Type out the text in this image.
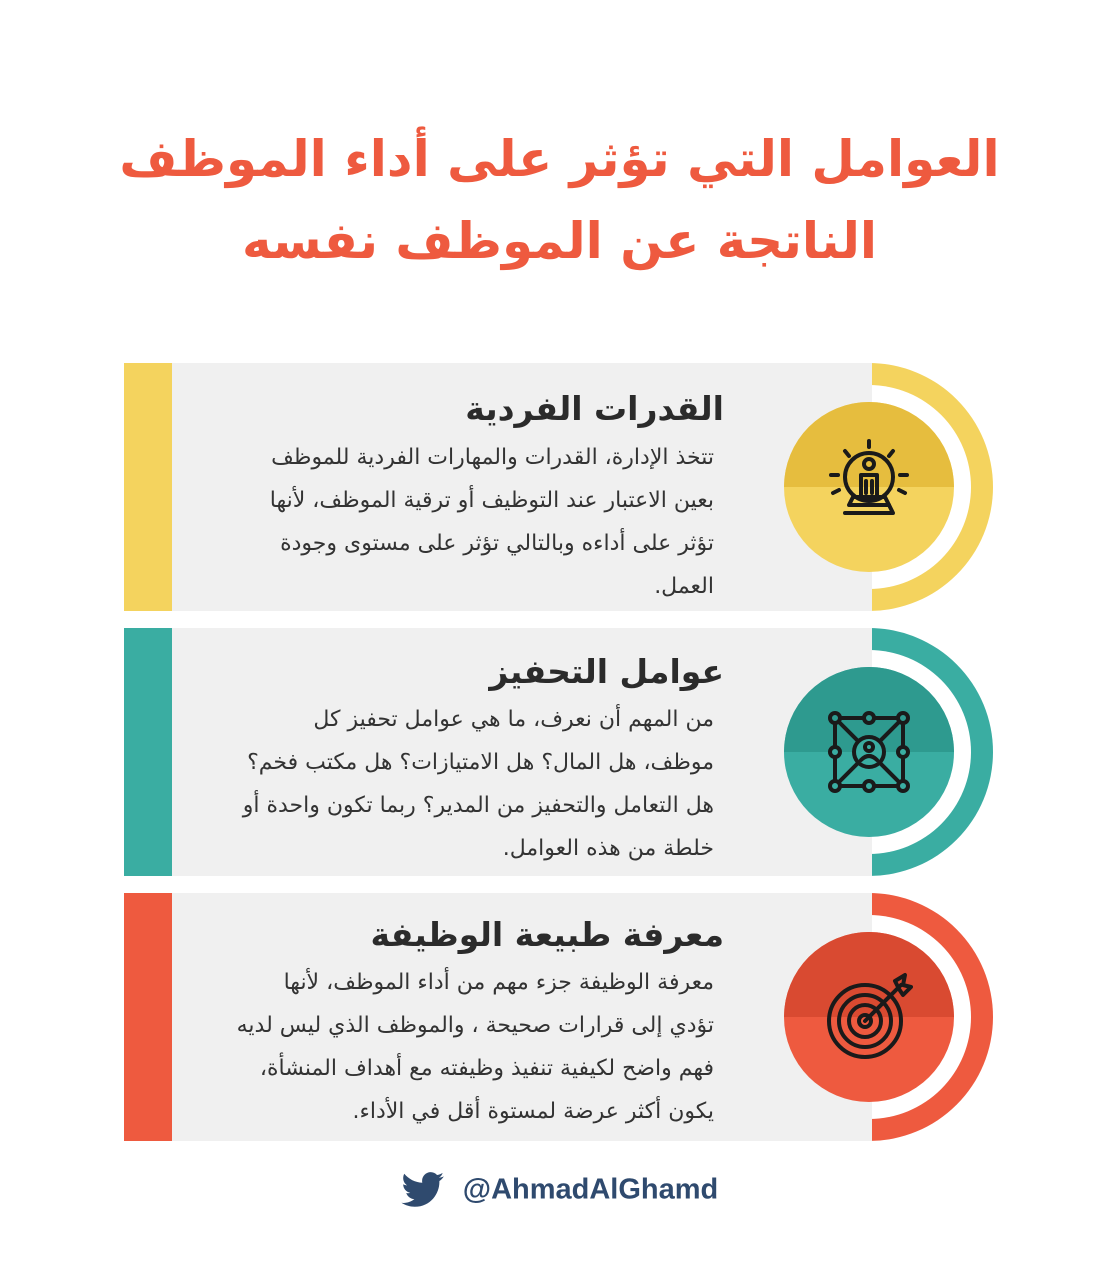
العوامل التي تؤثر على أداء الموظف
الناتجة عن الموظف نفسه
القدرات الفردية
تتخذ الإدارة، القدرات والمهارات الفردية للموظف
بعين الاعتبار عند التوظيف أو ترقية الموظف، لأنها
تؤثر على أداءه وبالتالي تؤثر على مستوى وجودة
العمل.
عوامل التحفيز
من المهم أن نعرف، ما هي عوامل تحفيز كل
موظف، هل المال؟ هل الامتيازات؟ هل مكتب فخم؟
هل التعامل والتحفيز من المدير؟ ربما تكون واحدة أو
خلطة من هذه العوامل.
معرفة طبيعة الوظيفة
معرفة الوظيفة جزء مهم من أداء الموظف، لأنها
تؤدي إلى قرارات صحيحة ، والموظف الذي ليس لديه
فهم واضح لكيفية تنفيذ وظيفته مع أهداف المنشأة،
يكون أكثر عرضة لمستوة أقل في الأداء.
@AhmadAlGhamd
